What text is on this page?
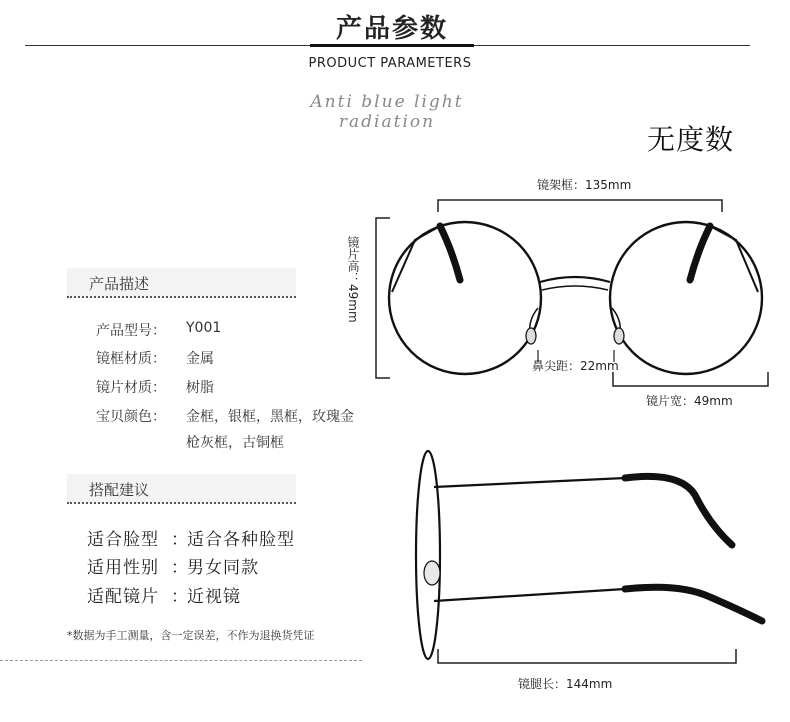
产品参数
PRODUCT PARAMETERS
Anti blue light radiation
无度数
产品描述
产品型号： Y001
镜框材质： 金属
镜片材质： 树脂
宝贝颜色： 金框，银框，黑框，玫瑰金
枪灰框，古铜框
搭配建议
适合脸型 ： 适合各种脸型
适用性别 ： 男女同款
适配镜片 ： 近视镜
*数据为手工测量，含一定误差，不作为退换货凭证
镜架框：135mm
镜片高：49mm
鼻尖距：22mm
镜片宽：49mm
镜腿长：144mm
